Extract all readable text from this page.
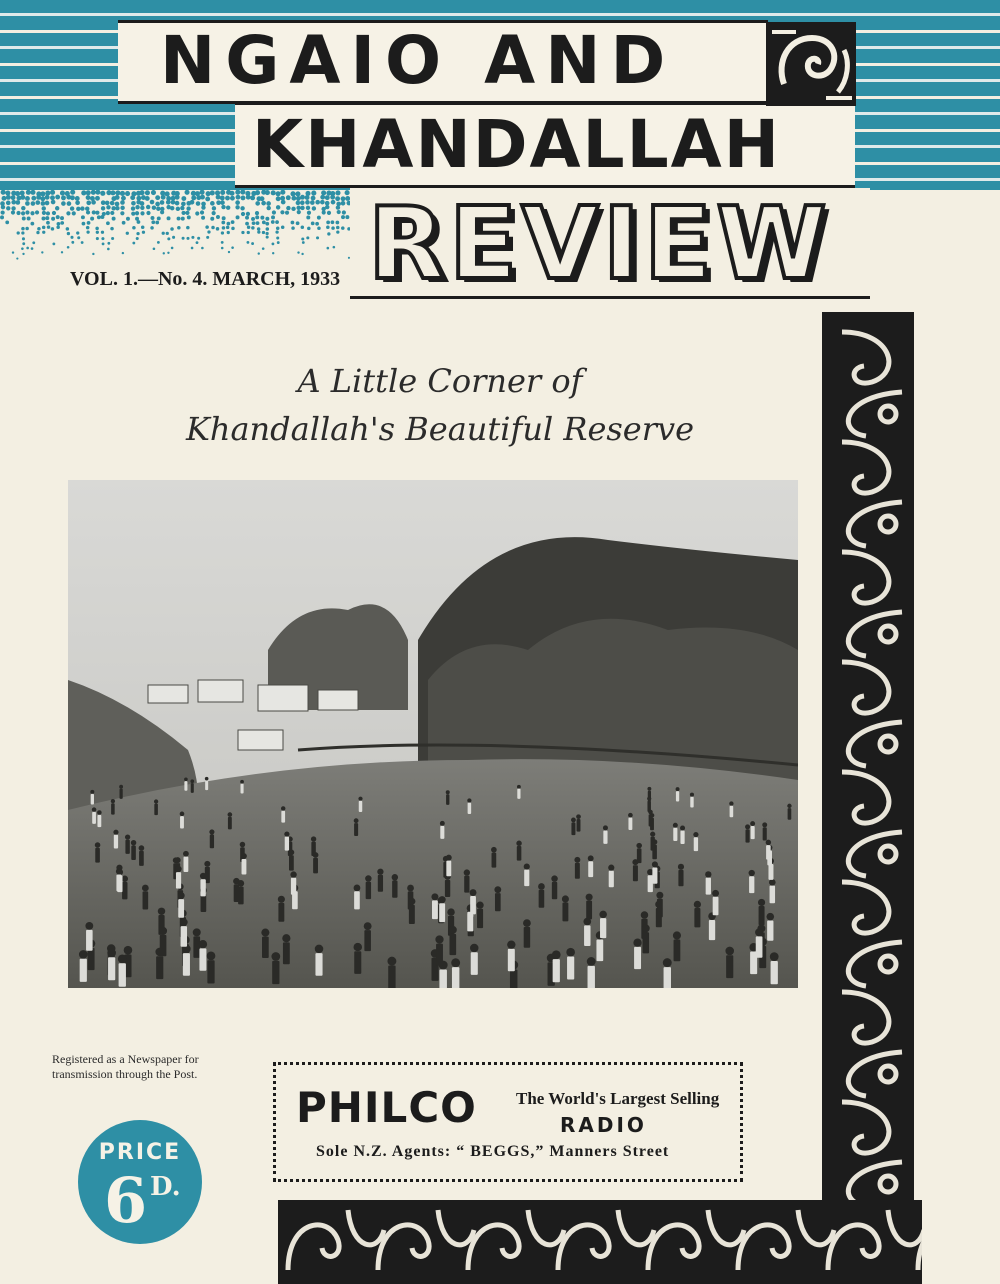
NGAIO AND
KHANDALLAH
REVIEW
VOL. 1.—No. 4. MARCH, 1933
A Little Corner of
Khandallah's Beautiful Reserve
Registered as a Newspaper for
transmission through the Post.
PHILCO The World's Largest Selling
RADIO
Sole N.Z. Agents: “ BEGGS,” Manners Street
PRICE
6 D.
